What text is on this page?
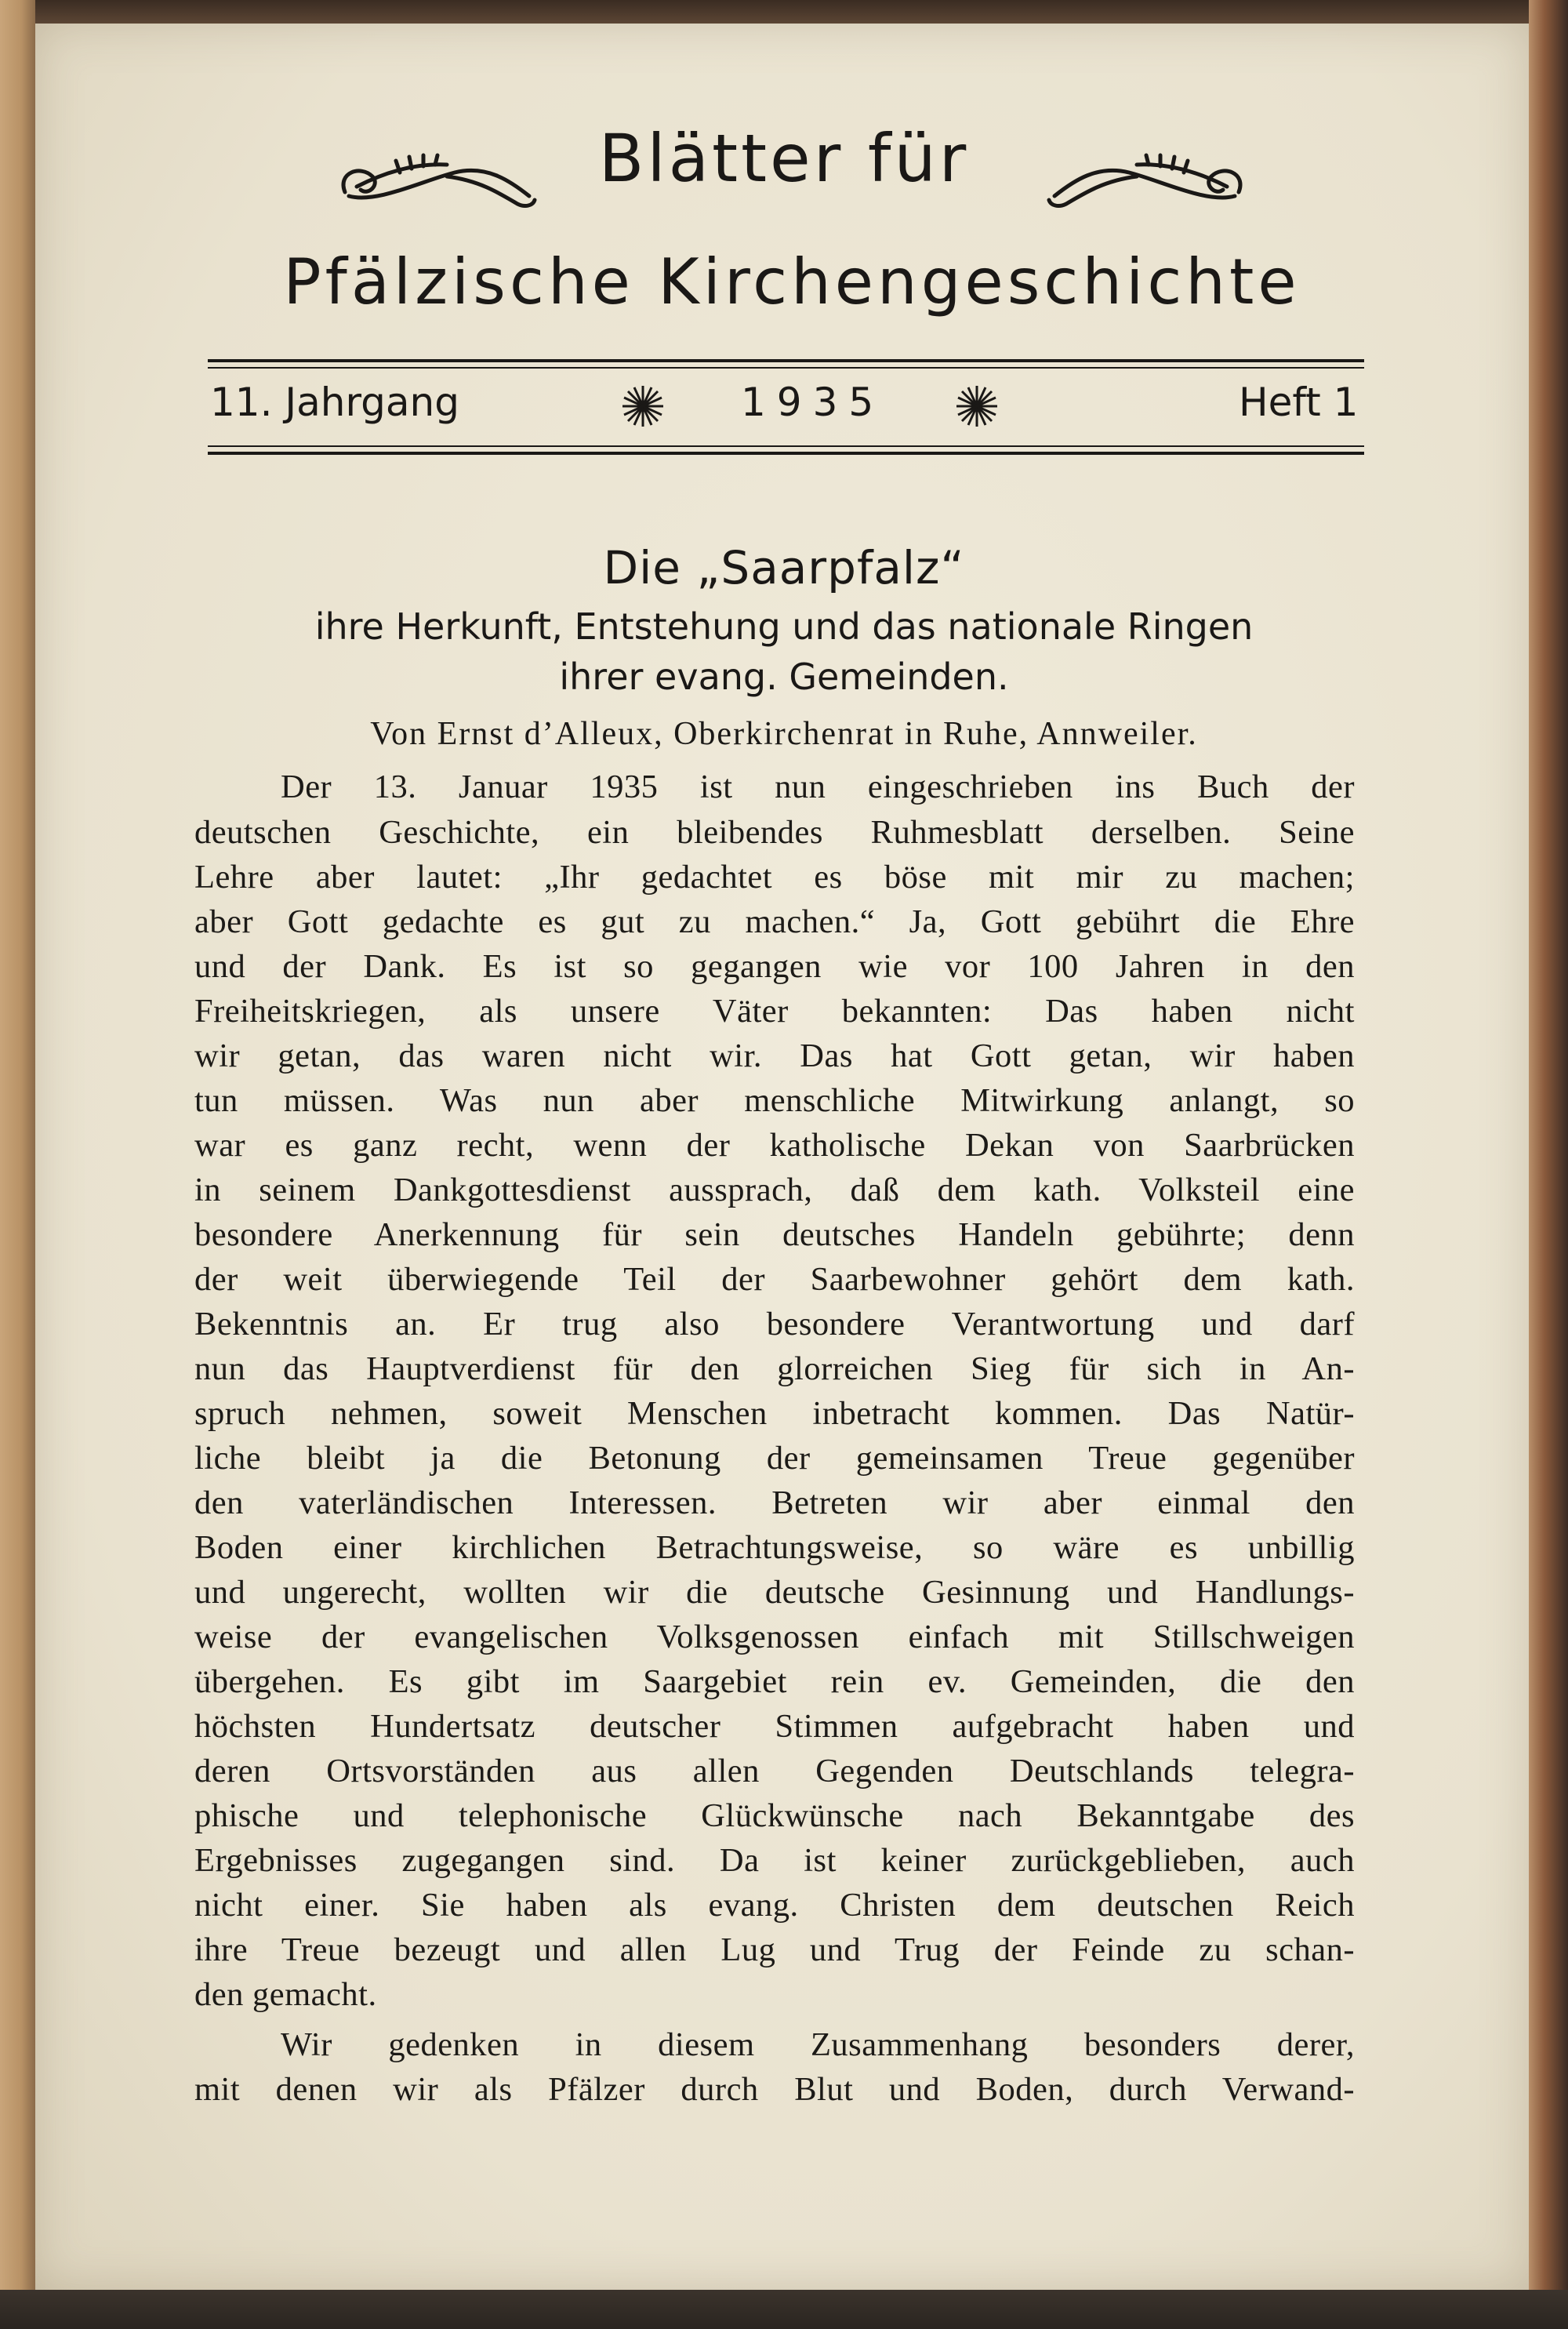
Blätter für
Pfälzische Kirchengeschichte
11. Jahrgang	1935	Heft 1
Die „Saarpfalz“
ihre Herkunft, Entstehung und das nationale Ringen
ihrer evang. Gemeinden.
Von Ernst d’Alleux, Oberkirchenrat in Ruhe, Annweiler.
Der 13. Januar 1935 ist nun eingeschrieben ins Buch der
deutschen Geschichte, ein bleibendes Ruhmesblatt derselben. Seine
Lehre aber lautet: „Ihr gedachtet es böse mit mir zu machen;
aber Gott gedachte es gut zu machen.“ Ja, Gott gebührt die Ehre
und der Dank. Es ist so gegangen wie vor 100 Jahren in den
Freiheitskriegen, als unsere Väter bekannten: Das haben nicht
wir getan, das waren nicht wir. Das hat Gott getan, wir haben
tun müssen. Was nun aber menschliche Mitwirkung anlangt, so
war es ganz recht, wenn der katholische Dekan von Saarbrücken
in seinem Dankgottesdienst aussprach, daß dem kath. Volksteil eine
besondere Anerkennung für sein deutsches Handeln gebührte; denn
der weit überwiegende Teil der Saarbewohner gehört dem kath.
Bekenntnis an. Er trug also besondere Verantwortung und darf
nun das Hauptverdienst für den glorreichen Sieg für sich in An-
spruch nehmen, soweit Menschen inbetracht kommen. Das Natür-
liche bleibt ja die Betonung der gemeinsamen Treue gegenüber
den vaterländischen Interessen. Betreten wir aber einmal den
Boden einer kirchlichen Betrachtungsweise, so wäre es unbillig
und ungerecht, wollten wir die deutsche Gesinnung und Handlungs-
weise der evangelischen Volksgenossen einfach mit Stillschweigen
übergehen. Es gibt im Saargebiet rein ev. Gemeinden, die den
höchsten Hundertsatz deutscher Stimmen aufgebracht haben und
deren Ortsvorständen aus allen Gegenden Deutschlands telegra-
phische und telephonische Glückwünsche nach Bekanntgabe des
Ergebnisses zugegangen sind. Da ist keiner zurückgeblieben, auch
nicht einer. Sie haben als evang. Christen dem deutschen Reich
ihre Treue bezeugt und allen Lug und Trug der Feinde zu schan-
den gemacht.
Wir gedenken in diesem Zusammenhang besonders derer,
mit denen wir als Pfälzer durch Blut und Boden, durch Verwand-
